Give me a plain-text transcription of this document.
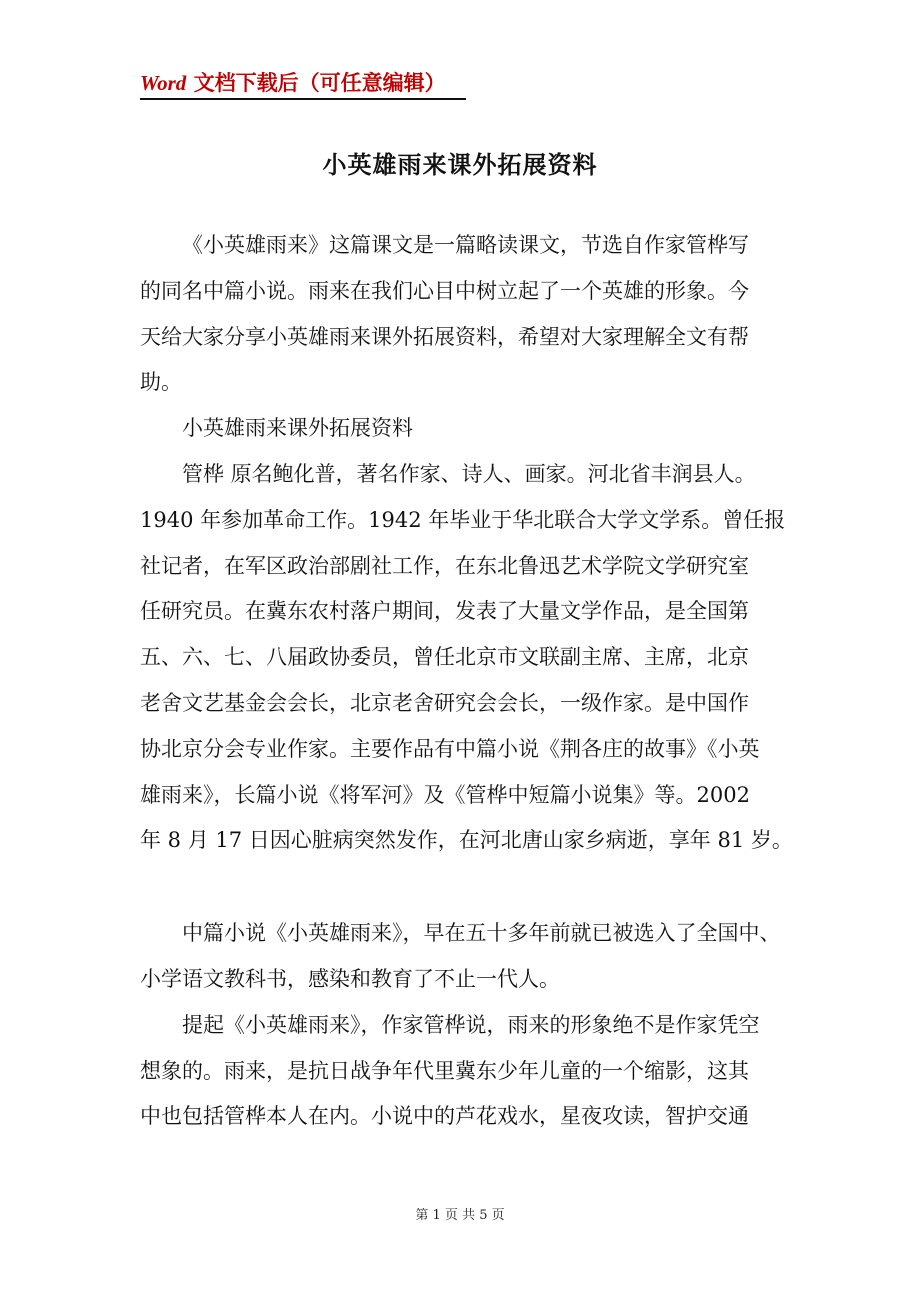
Word 文档下载后（可任意编辑）
小英雄雨来课外拓展资料
《小英雄雨来》这篇课文是一篇略读课文，节选自作家管桦写
的同名中篇小说。雨来在我们心目中树立起了一个英雄的形象。今
天给大家分享小英雄雨来课外拓展资料，希望对大家理解全文有帮
助。
小英雄雨来课外拓展资料
管桦 原名鲍化普，著名作家、诗人、画家。河北省丰润县人。
1940 年参加革命工作。1942 年毕业于华北联合大学文学系。曾任报
社记者，在军区政治部剧社工作，在东北鲁迅艺术学院文学研究室
任研究员。在冀东农村落户期间，发表了大量文学作品，是全国第
五、六、七、八届政协委员，曾任北京市文联副主席、主席，北京
老舍文艺基金会会长，北京老舍研究会会长，一级作家。是中国作
协北京分会专业作家。主要作品有中篇小说《荆各庄的故事》《小英
雄雨来》，长篇小说《将军河》及《管桦中短篇小说集》等。2002
年 8 月 17 日因心脏病突然发作，在河北唐山家乡病逝，享年 81 岁。
中篇小说《小英雄雨来》，早在五十多年前就已被选入了全国中、
小学语文教科书，感染和教育了不止一代人。
提起《小英雄雨来》，作家管桦说，雨来的形象绝不是作家凭空
想象的。雨来，是抗日战争年代里冀东少年儿童的一个缩影，这其
中也包括管桦本人在内。小说中的芦花戏水，星夜攻读，智护交通
第 1 页 共 5 页
